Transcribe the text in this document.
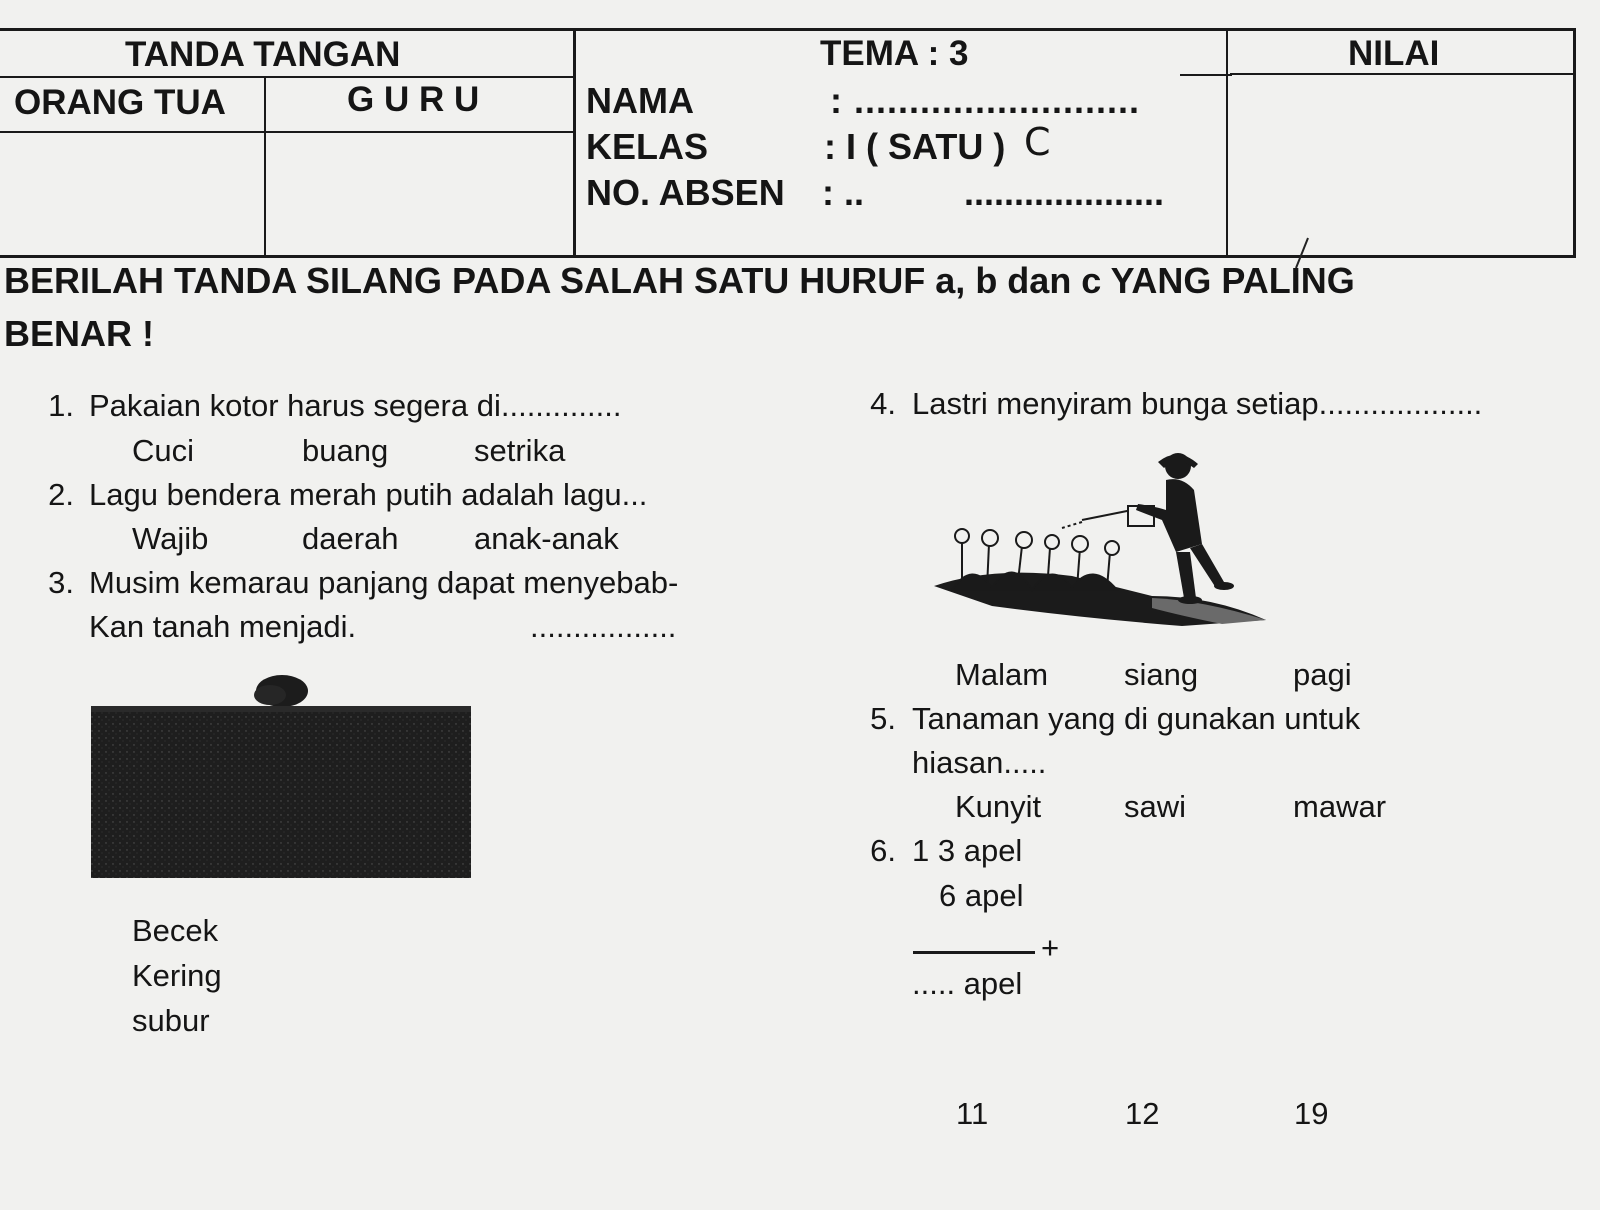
TANDA TANGAN
ORANG TUA	G U R U
TEMA : 3	NILAI
NAMA	: ..........................
KELAS	: I ( SATU ) C
NO. ABSEN : ..          ....................
BERILAH TANDA SILANG PADA SALAH SATU HURUF a, b dan c YANG PALING
BENAR !
1. Pakaian kotor harus segera di..............
Cuci	buang	setrika
2. Lagu bendera merah putih adalah lagu...
Wajib	daerah anak-anak
3. Musim kemarau panjang dapat menyebab-
Kan tanah menjadi.	.................
Becek
Kering
subur
4. Lastri menyiram bunga setiap...................
Malam siang	pagi
5. Tanaman yang di gunakan untuk
hiasan.....
Kunyit	sawi	mawar
6. 1 3 apel
6 apel
+
..... apel
11	12	19
